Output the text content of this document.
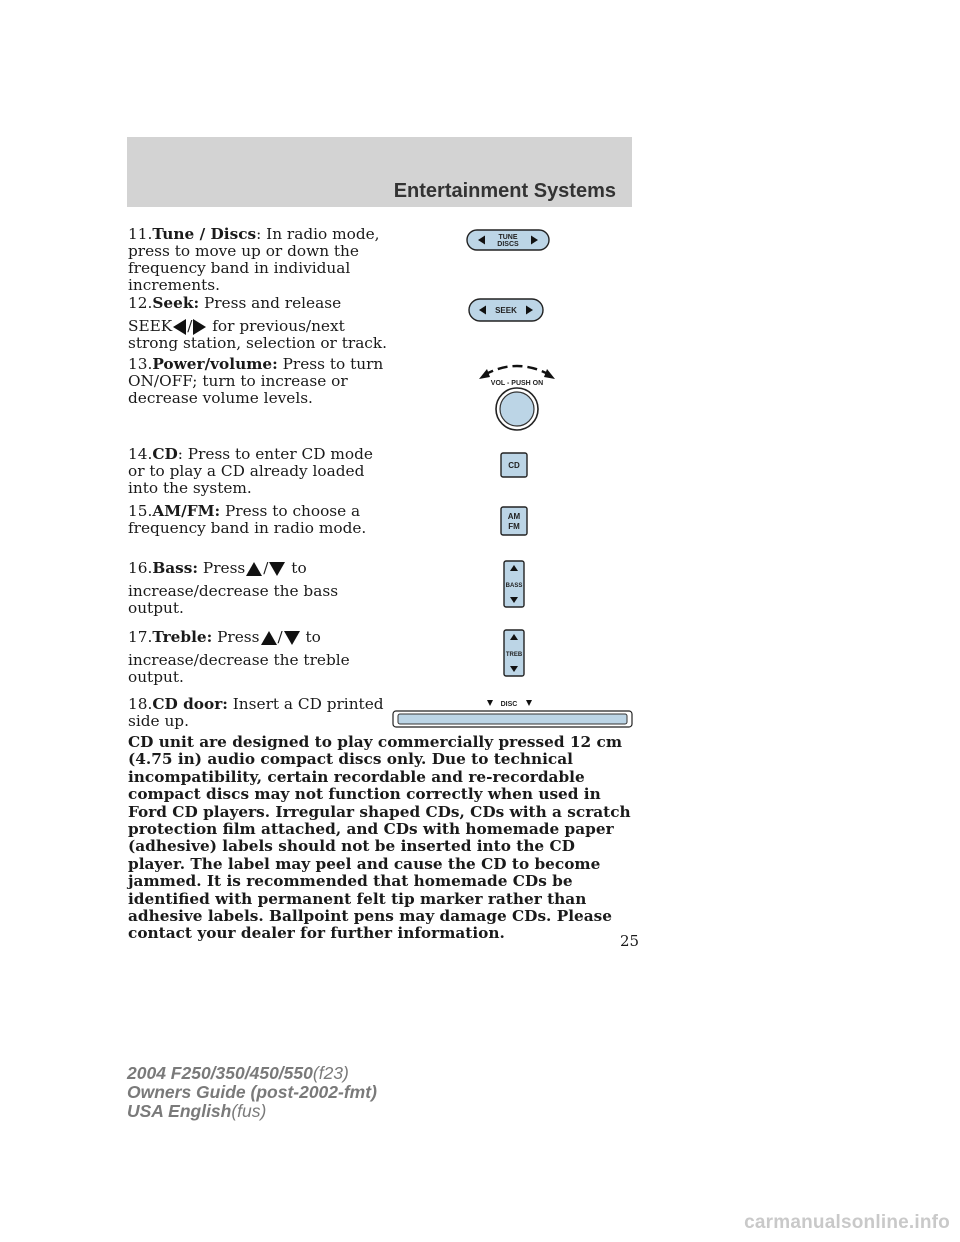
Entertainment Systems
11.Tune / Discs: In radio mode, press to move up or down the frequency band in individual increments.
12.Seek: Press and release
SEEK / for previous/next strong station, selection or track.
13.Power/volume: Press to turn ON/OFF; turn to increase or decrease volume levels.
14.CD: Press to enter CD mode or to play a CD already loaded into the system.
15.AM/FM: Press to choose a frequency band in radio mode.
16.Bass: Press / to
increase/decrease the bass output.
17.Treble: Press / to
increase/decrease the treble output.
18.CD door: Insert a CD printed side up.
TUNE
DISCS
SEEK
VOL - PUSH ON
CD
AM
FM
BASS
TREB
DISC
CD unit are designed to play commercially pressed 12 cm (4.75 in) audio compact discs only. Due to technical incompatibility, certain recordable and re-recordable compact discs may not function correctly when used in Ford CD players. Irregular shaped CDs, CDs with a scratch protection film attached, and CDs with homemade paper (adhesive) labels should not be inserted into the CD player. The label may peel and cause the CD to become jammed. It is recommended that homemade CDs be identified with permanent felt tip marker rather than adhesive labels. Ballpoint pens may damage CDs. Please contact your dealer for further information.	25
2004 F250/350/450/550(f23)
Owners Guide (post-2002-fmt)
USA English(fus)
carmanualsonline.info
